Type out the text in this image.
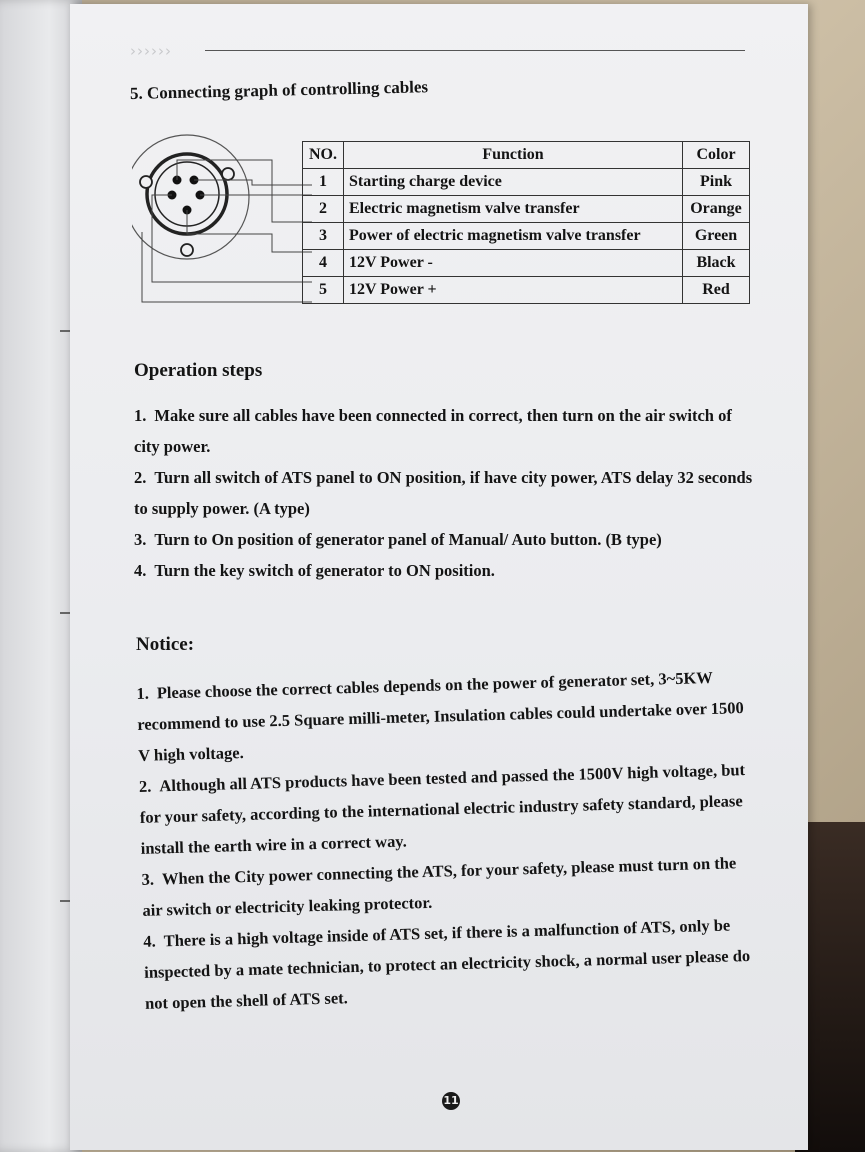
››››››
5. Connecting graph of controlling cables
NO.	Function	Color
1	Starting charge device	Pink
2	Electric magnetism valve transfer	Orange
3	Power of electric magnetism valve transfer	Green
4	12V Power -	Black
5	12V Power +	Red
Operation steps
1. Make sure all cables have been connected in correct, then turn on the air switch of city power.
2. Turn all switch of ATS panel to ON position, if have city power, ATS delay 32 seconds to supply power. (A type)
3. Turn to On position of generator panel of Manual/ Auto button. (B type)
4. Turn the key switch of generator to ON position.
Notice:
1. Please choose the correct cables depends on the power of generator set, 3~5KW recommend to use 2.5 Square milli-meter, Insulation cables could undertake over 1500 V high voltage.
2. Although all ATS products have been tested and passed the 1500V high voltage, but for your safety, according to the international electric industry safety standard, please install the earth wire in a correct way.
3. When the City power connecting the ATS, for your safety, please must turn on the air switch or electricity leaking protector.
4. There is a high voltage inside of ATS set, if there is a malfunction of ATS, only be inspected by a mate technician, to protect an electricity shock, a normal user please do not open the shell of ATS set.
11
